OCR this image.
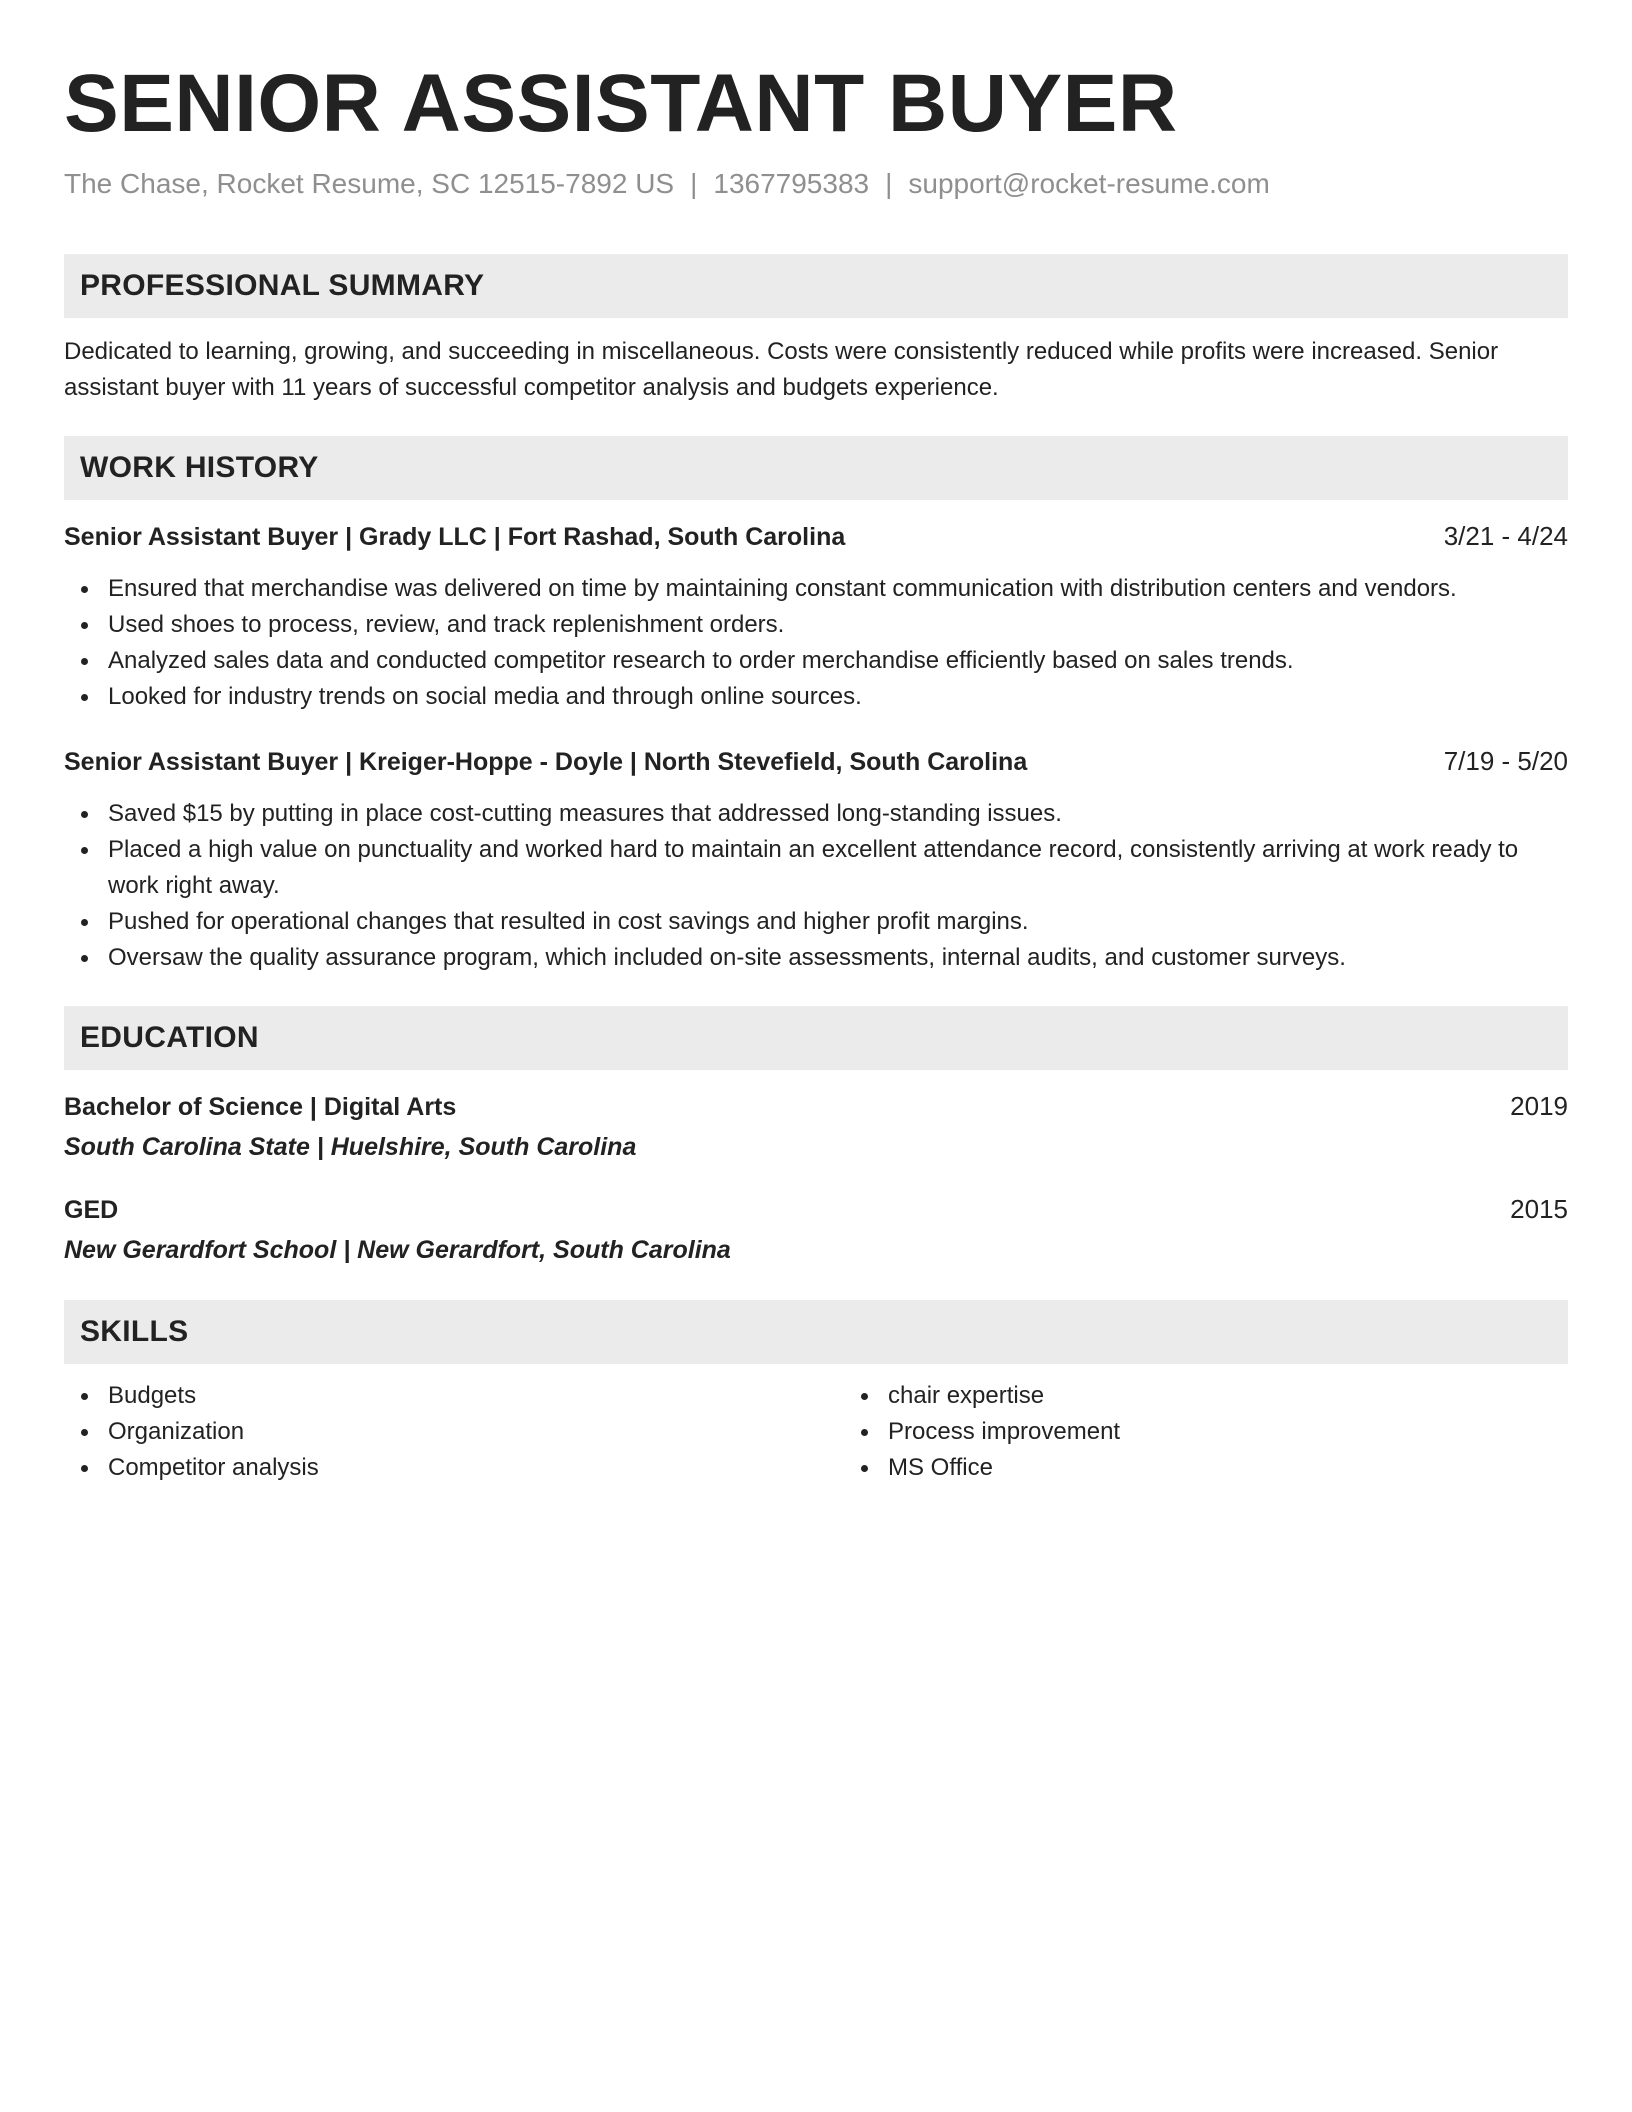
SENIOR ASSISTANT BUYER
The Chase, Rocket Resume, SC 12515-7892 US | 1367795383 | support@rocket-resume.com
PROFESSIONAL SUMMARY
Dedicated to learning, growing, and succeeding in miscellaneous. Costs were consistently reduced while profits were increased. Senior assistant buyer with 11 years of successful competitor analysis and budgets experience.
WORK HISTORY
Senior Assistant Buyer | Grady LLC | Fort Rashad, South Carolina	3/21 - 4/24
Ensured that merchandise was delivered on time by maintaining constant communication with distribution centers and vendors.
Used shoes to process, review, and track replenishment orders.
Analyzed sales data and conducted competitor research to order merchandise efficiently based on sales trends.
Looked for industry trends on social media and through online sources.
Senior Assistant Buyer | Kreiger-Hoppe - Doyle | North Stevefield, South Carolina	7/19 - 5/20
Saved $15 by putting in place cost-cutting measures that addressed long-standing issues.
Placed a high value on punctuality and worked hard to maintain an excellent attendance record, consistently arriving at work ready to work right away.
Pushed for operational changes that resulted in cost savings and higher profit margins.
Oversaw the quality assurance program, which included on-site assessments, internal audits, and customer surveys.
EDUCATION
Bachelor of Science | Digital Arts	2019
South Carolina State | Huelshire, South Carolina
GED	2015
New Gerardfort School | New Gerardfort, South Carolina
SKILLS
Budgets
Organization
Competitor analysis
chair expertise
Process improvement
MS Office
